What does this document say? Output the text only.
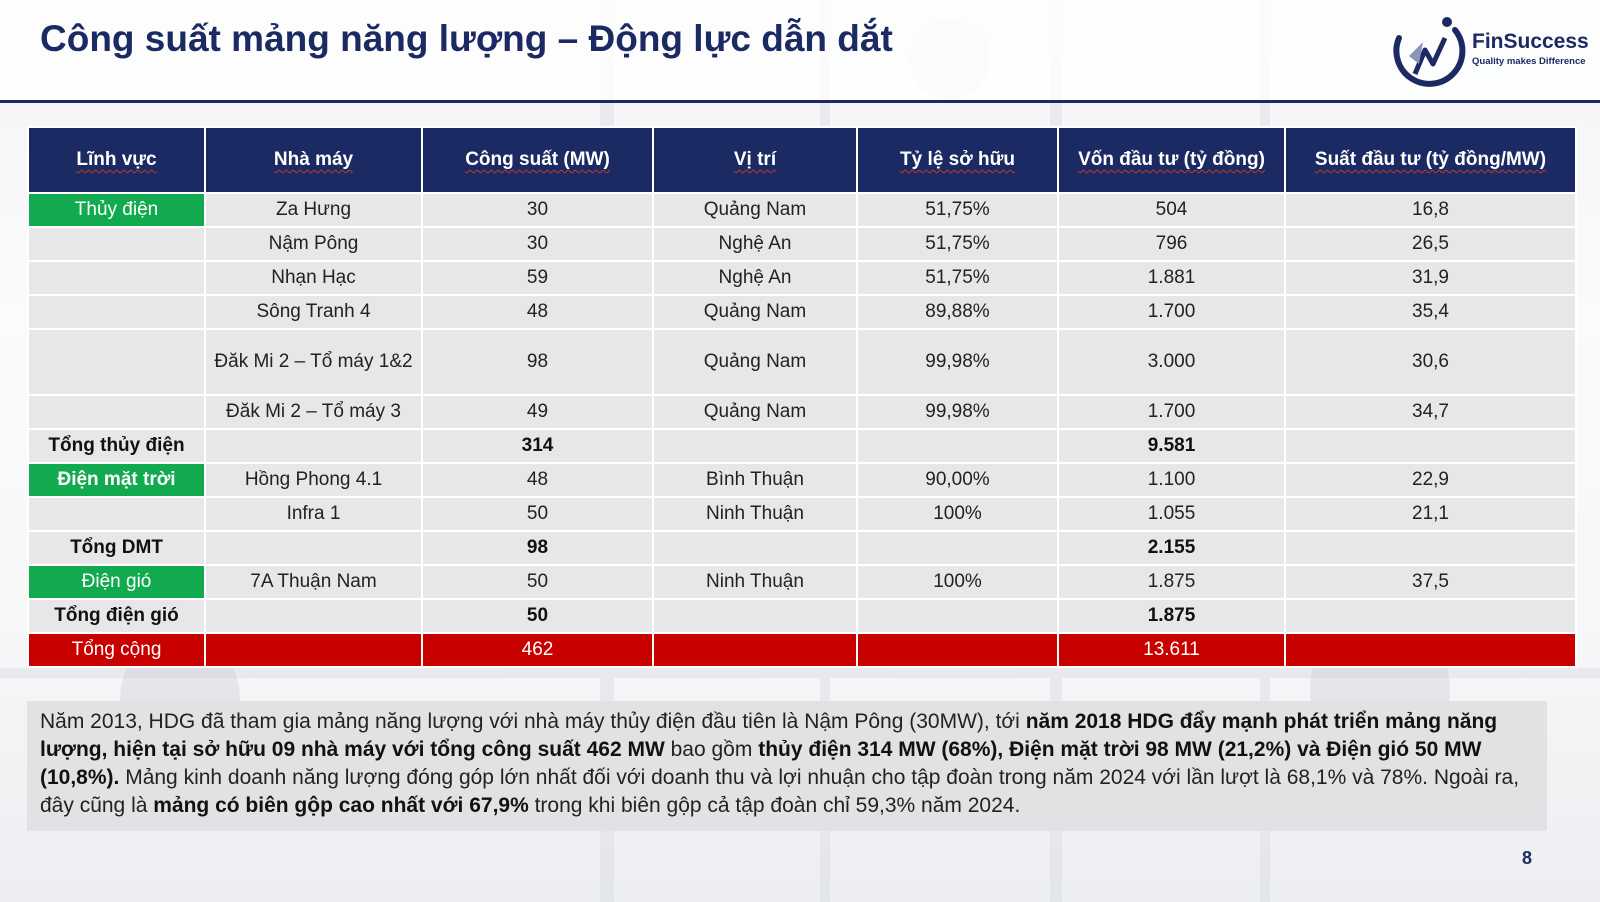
Công suất mảng năng lượng – Động lực dẫn dắt	FinSuccess
Quality makes Difference
Lĩnh vực	Nhà máy	Công suất (MW)	Vị trí	Tỷ lệ sở hữu	Vốn đầu tư (tỷ đồng)	Suất đầu tư (tỷ đồng/MW)
Thủy điện	Za Hưng	30	Quảng Nam	51,75%	504	16,8
	Nậm Pông	30	Nghệ An	51,75%	796	26,5
	Nhạn Hạc	59	Nghệ An	51,75%	1.881	31,9
	Sông Tranh 4	48	Quảng Nam	89,88%	1.700	35,4
	Đăk Mi 2 – Tổ máy 1&2	98	Quảng Nam	99,98%	3.000	30,6
	Đăk Mi 2 – Tổ máy 3	49	Quảng Nam	99,98%	1.700	34,7
Tổng thủy điện		314			9.581	
Điện mặt trời	Hồng Phong 4.1	48	Bình Thuận	90,00%	1.100	22,9
	Infra 1	50	Ninh Thuận	100%	1.055	21,1
Tổng DMT		98			2.155	
Điện gió	7A Thuận Nam	50	Ninh Thuận	100%	1.875	37,5
Tổng điện gió		50			1.875	
Tổng cộng		462			13.611	
Năm 2013, HDG đã tham gia mảng năng lượng với nhà máy thủy điện đầu tiên là Nậm Pông (30MW), tới năm 2018 HDG đẩy mạnh phát triển mảng năng lượng, hiện tại sở hữu 09 nhà máy với tổng công suất 462 MW bao gồm thủy điện 314 MW (68%), Điện mặt trời 98 MW (21,2%) và Điện gió 50 MW (10,8%). Mảng kinh doanh năng lượng đóng góp lớn nhất đối với doanh thu và lợi nhuận cho tập đoàn trong năm 2024 với lần lượt là 68,1% và 78%. Ngoài ra, đây cũng là mảng có biên gộp cao nhất với 67,9% trong khi biên gộp cả tập đoàn chỉ 59,3% năm 2024.
8
